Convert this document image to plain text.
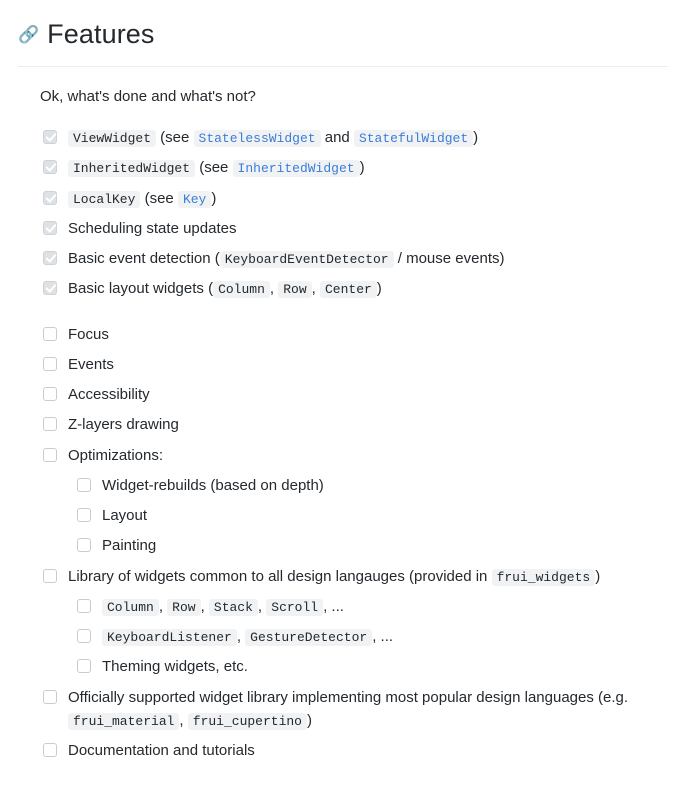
🔗 Features

Ok, what's done and what's not?

ViewWidget (see StatelessWidget and StatefulWidget )
InheritedWidget (see InheritedWidget )
LocalKey (see Key )
Scheduling state updates
Basic event detection ( KeyboardEventDetector / mouse events)
Basic layout widgets ( Column , Row , Center )
Focus
Events
Accessibility
Z-layers drawing
Optimizations:
Widget-rebuilds (based on depth)
Layout
Painting
Library of widgets common to all design langauges (provided in frui_widgets )
Column , Row , Stack , Scroll , ...
KeyboardListener , GestureDetector , ...
Theming widgets, etc.
Officially supported widget library implementing most popular design languages (e.g. frui_material , frui_cupertino )
Documentation and tutorials
